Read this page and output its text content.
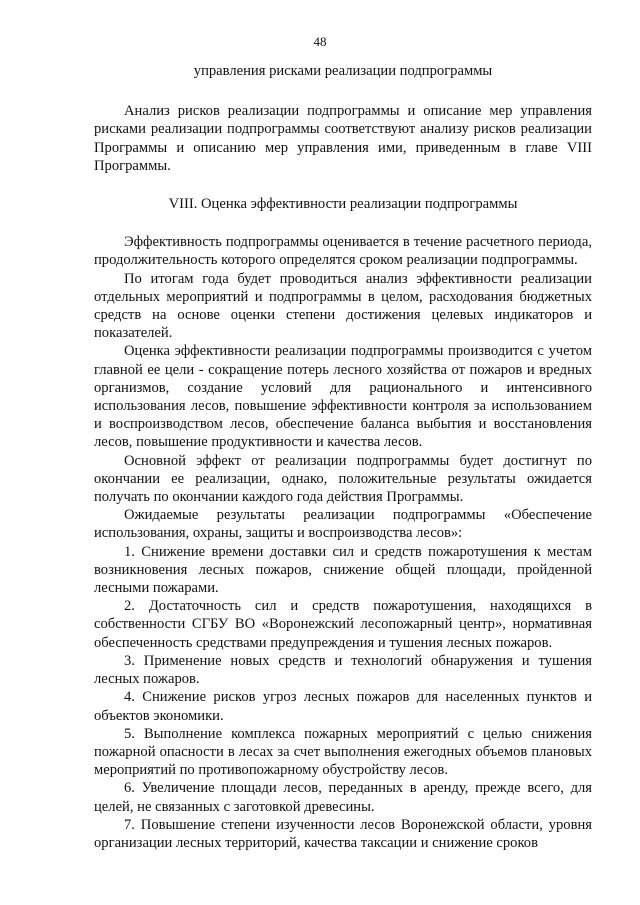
48
управления рисками реализации подпрограммы

Анализ рисков реализации подпрограммы и описание мер управления рисками реализации подпрограммы соответствуют анализу рисков реализации Программы и описанию мер управления ими, приведенным в главе VIII Программы.

VIII. Оценка эффективности реализации подпрограммы

Эффективность подпрограммы оценивается в течение расчетного периода, продолжительность которого определятся сроком реализации подпрограммы.

По итогам года будет проводиться анализ эффективности реализации отдельных мероприятий и подпрограммы в целом, расходования бюджетных средств на основе оценки степени достижения целевых индикаторов и показателей.

Оценка эффективности реализации подпрограммы производится с учетом главной ее цели - сокращение потерь лесного хозяйства от пожаров и вредных организмов, создание условий для рационального и интенсивного использования лесов, повышение эффективности контроля за использованием и воспроизводством лесов, обеспечение баланса выбытия и восстановления лесов, повышение продуктивности и качества лесов.

Основной эффект от реализации подпрограммы будет достигнут по окончании ее реализации, однако, положительные результаты ожидается получать по окончании каждого года действия Программы.

Ожидаемые результаты реализации подпрограммы «Обеспечение использования, охраны, защиты и воспроизводства лесов»:

1. Снижение времени доставки сил и средств пожаротушения к местам возникновения лесных пожаров, снижение общей площади, пройденной лесными пожарами.

2. Достаточность сил и средств пожаротушения, находящихся в собственности СГБУ ВО «Воронежский лесопожарный центр», нормативная обеспеченность средствами предупреждения и тушения лесных пожаров.

3. Применение новых средств и технологий обнаружения и тушения лесных пожаров.

4. Снижение рисков угроз лесных пожаров для населенных пунктов и объектов экономики.

5. Выполнение комплекса пожарных мероприятий с целью снижения пожарной опасности в лесах за счет выполнения ежегодных объемов плановых мероприятий по противопожарному обустройству лесов.

6. Увеличение площади лесов, переданных в аренду, прежде всего, для целей, не связанных с заготовкой древесины.

7. Повышение степени изученности лесов Воронежской области, уровня организации лесных территорий, качества таксации и снижение сроков
